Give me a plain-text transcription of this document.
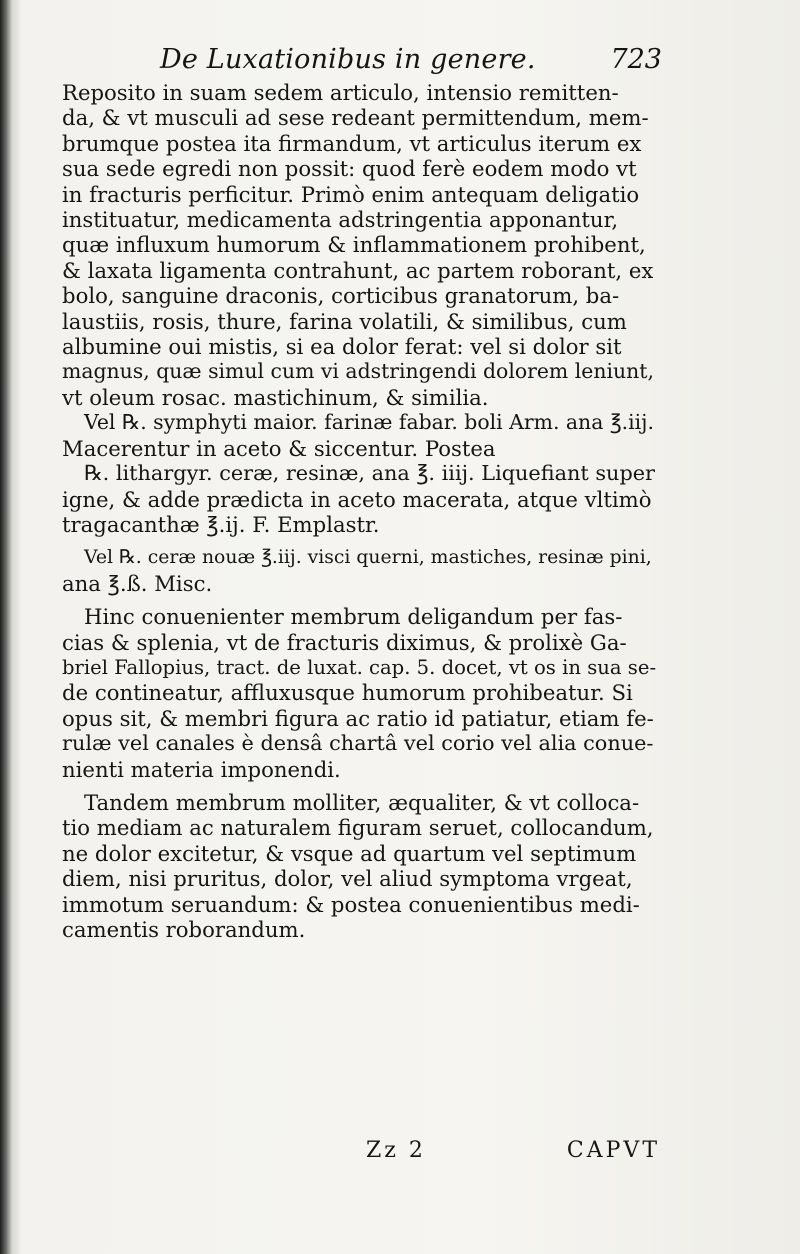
De Luxationibus in genere.	723

Reposito in suam sedem articulo, intensio remitten-
da, & vt musculi ad sese redeant permittendum, mem-
brumque postea ita firmandum, vt articulus iterum ex
sua sede egredi non possit: quod ferè eodem modo vt
in fracturis perficitur. Primò enim antequam deligatio
instituatur, medicamenta adstringentia apponantur,
quæ influxum humorum & inflammationem prohibent,
& laxata ligamenta contrahunt, ac partem roborant, ex
bolo, sanguine draconis, corticibus granatorum, ba-
laustiis, rosis, thure, farina volatili, & similibus, cum
albumine oui mistis, si ea dolor ferat: vel si dolor sit
magnus, quæ simul cum vi adstringendi dolorem leniunt,
vt oleum rosac. mastichinum, & similia.

Vel ℞. symphyti maior. farinæ fabar. boli Arm. ana ℥.iij.
Macerentur in aceto & siccentur. Postea

℞. lithargyr. ceræ, resinæ, ana ℥. iiij. Liquefiant super
igne, & adde prædicta in aceto macerata, atque vltimò
tragacanthæ ℥.ij. F. Emplastr.

Vel ℞. ceræ nouæ ℥.iij. visci querni, mastiches, resinæ pini,
ana ℥.ß. Misc.

Hinc conuenienter membrum deligandum per fas-
cias & splenia, vt de fracturis diximus, & prolixè Ga-
briel Fallopius, tract. de luxat. cap. 5. docet, vt os in sua se-
de contineatur, affluxusque humorum prohibeatur. Si
opus sit, & membri figura ac ratio id patiatur, etiam fe-
rulæ vel canales è densâ chartâ vel corio vel alia conue-
nienti materia imponendi.

Tandem membrum molliter, æqualiter, & vt colloca-
tio mediam ac naturalem figuram seruet, collocandum,
ne dolor excitetur, & vsque ad quartum vel septimum
diem, nisi pruritus, dolor, vel aliud symptoma vrgeat,
immotum seruandum: & postea conuenientibus medi-
camentis roborandum.

Zz 2	CAPVT
